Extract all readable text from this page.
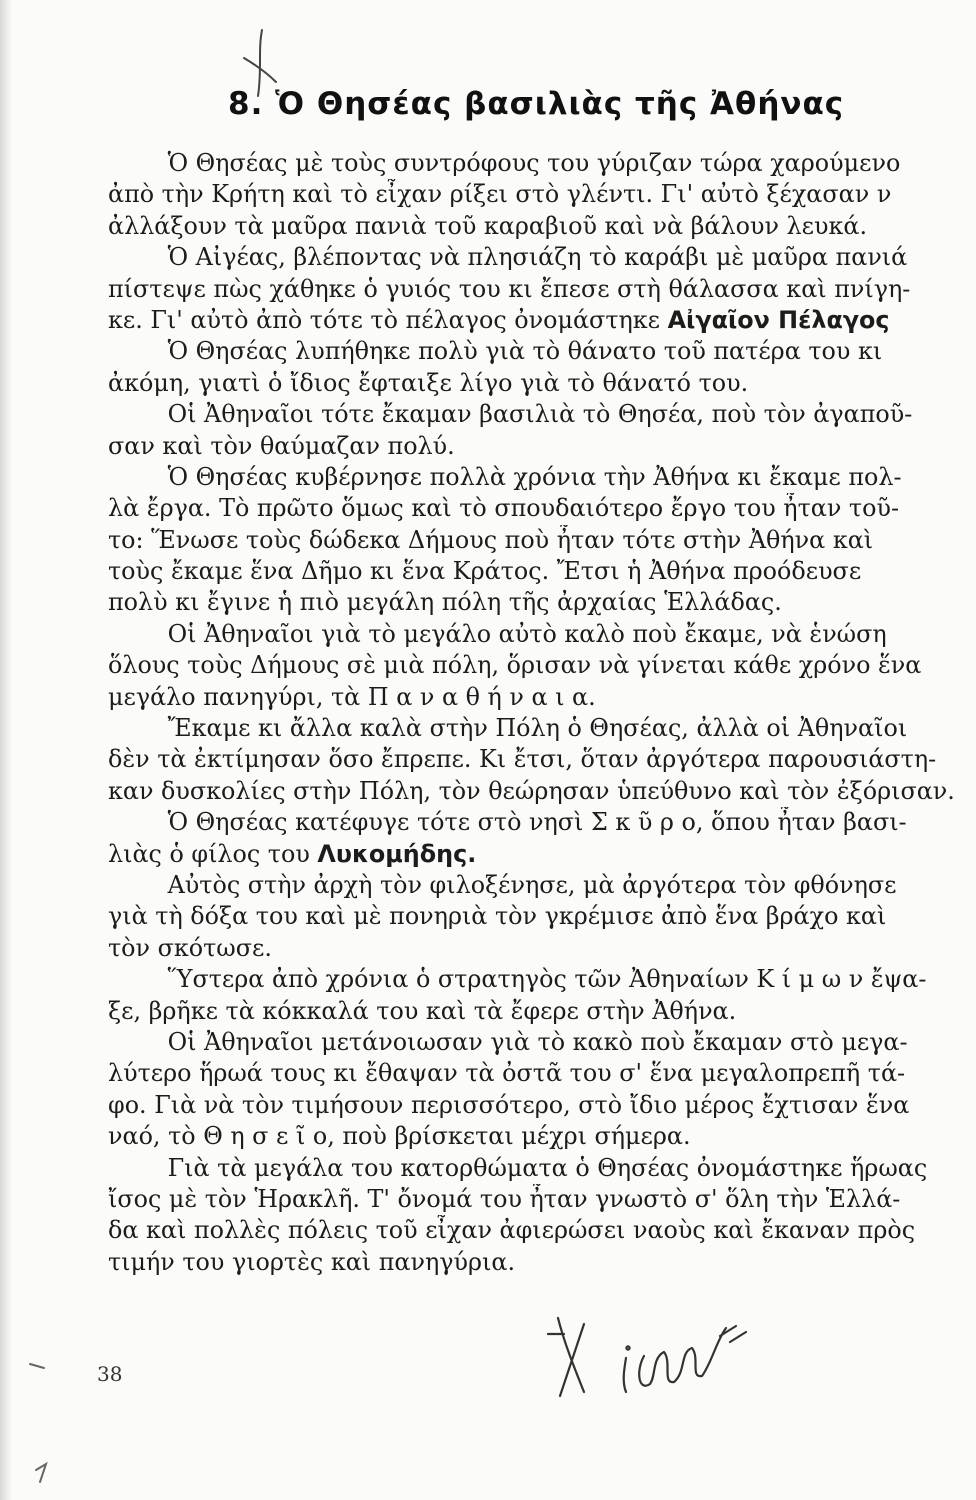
8. Ὁ Θησέας βασιλιὰς τῆς Ἀθήνας
Ὁ Θησέας μὲ τοὺς συντρόφους του γύριζαν τώρα χαρούμενο
ἀπὸ τὴν Κρήτη καὶ τὸ εἶχαν ρίξει στὸ γλέντι. Γι' αὐτὸ ξέχασαν ν
ἀλλάξουν τὰ μαῦρα πανιὰ τοῦ καραβιοῦ καὶ νὰ βάλουν λευκά.
Ὁ Αἰγέας, βλέποντας νὰ πλησιάζη τὸ καράβι μὲ μαῦρα πανιά
πίστεψε πὼς χάθηκε ὁ γυιός του κι ἔπεσε στὴ θάλασσα καὶ πνίγη-
κε. Γι' αὐτὸ ἀπὸ τότε τὸ πέλαγος ὀνομάστηκε Αἰγαῖον Πέλαγος
Ὁ Θησέας λυπήθηκε πολὺ γιὰ τὸ θάνατο τοῦ πατέρα του κι
ἀκόμη, γιατὶ ὁ ἴδιος ἔφταιξε λίγο γιὰ τὸ θάνατό του.
Οἱ Ἀθηναῖοι τότε ἔκαμαν βασιλιὰ τὸ Θησέα, ποὺ τὸν ἀγαποῦ-
σαν καὶ τὸν θαύμαζαν πολύ.
Ὁ Θησέας κυβέρνησε πολλὰ χρόνια τὴν Ἀθήνα κι ἔκαμε πολ-
λὰ ἔργα. Τὸ πρῶτο ὅμως καὶ τὸ σπουδαιότερο ἔργο του ἦταν τοῦ-
το: Ἕνωσε τοὺς δώδεκα Δήμους ποὺ ἦταν τότε στὴν Ἀθήνα καὶ
τοὺς ἔκαμε ἕνα Δῆμο κι ἕνα Κράτος. Ἔτσι ἡ Ἀθήνα προόδευσε
πολὺ κι ἔγινε ἡ πιὸ μεγάλη πόλη τῆς ἀρχαίας Ἑλλάδας.
Οἱ Ἀθηναῖοι γιὰ τὸ μεγάλο αὐτὸ καλὸ ποὺ ἔκαμε, νὰ ἑνώση
ὅλους τοὺς Δήμους σὲ μιὰ πόλη, ὅρισαν νὰ γίνεται κάθε χρόνο ἕνα
μεγάλο πανηγύρι, τὰ Π α ν α θ ή ν α ι α.
Ἔκαμε κι ἄλλα καλὰ στὴν Πόλη ὁ Θησέας, ἀλλὰ οἱ Ἀθηναῖοι
δὲν τὰ ἐκτίμησαν ὅσο ἔπρεπε. Κι ἔτσι, ὅταν ἀργότερα παρουσιάστη-
καν δυσκολίες στὴν Πόλη, τὸν θεώρησαν ὑπεύθυνο καὶ τὸν ἐξόρισαν.
Ὁ Θησέας κατέφυγε τότε στὸ νησὶ Σ κ ῦ ρ ο, ὅπου ἦταν βασι-
λιὰς ὁ φίλος του Λυκομήδης.
Αὐτὸς στὴν ἀρχὴ τὸν φιλοξένησε, μὰ ἀργότερα τὸν φθόνησε
γιὰ τὴ δόξα του καὶ μὲ πονηριὰ τὸν γκρέμισε ἀπὸ ἕνα βράχο καὶ
τὸν σκότωσε.
Ὕστερα ἀπὸ χρόνια ὁ στρατηγὸς τῶν Ἀθηναίων Κ ί μ ω ν ἔψα-
ξε, βρῆκε τὰ κόκκαλά του καὶ τὰ ἔφερε στὴν Ἀθήνα.
Οἱ Ἀθηναῖοι μετάνοιωσαν γιὰ τὸ κακὸ ποὺ ἔκαμαν στὸ μεγα-
λύτερο ἥρωά τους κι ἔθαψαν τὰ ὀστᾶ του σ' ἕνα μεγαλοπρεπῆ τά-
φο. Γιὰ νὰ τὸν τιμήσουν περισσότερο, στὸ ἴδιο μέρος ἔχτισαν ἕνα
ναό, τὸ Θ η σ ε ῖ ο, ποὺ βρίσκεται μέχρι σήμερα.
Γιὰ τὰ μεγάλα του κατορθώματα ὁ Θησέας ὀνομάστηκε ἥρωας
ἴσος μὲ τὸν Ἡρακλῆ. Τ' ὄνομά του ἦταν γνωστὸ σ' ὅλη τὴν Ἑλλά-
δα καὶ πολλὲς πόλεις τοῦ εἶχαν ἀφιερώσει ναοὺς καὶ ἔκαναν πρὸς
τιμήν του γιορτὲς καὶ πανηγύρια.
38
